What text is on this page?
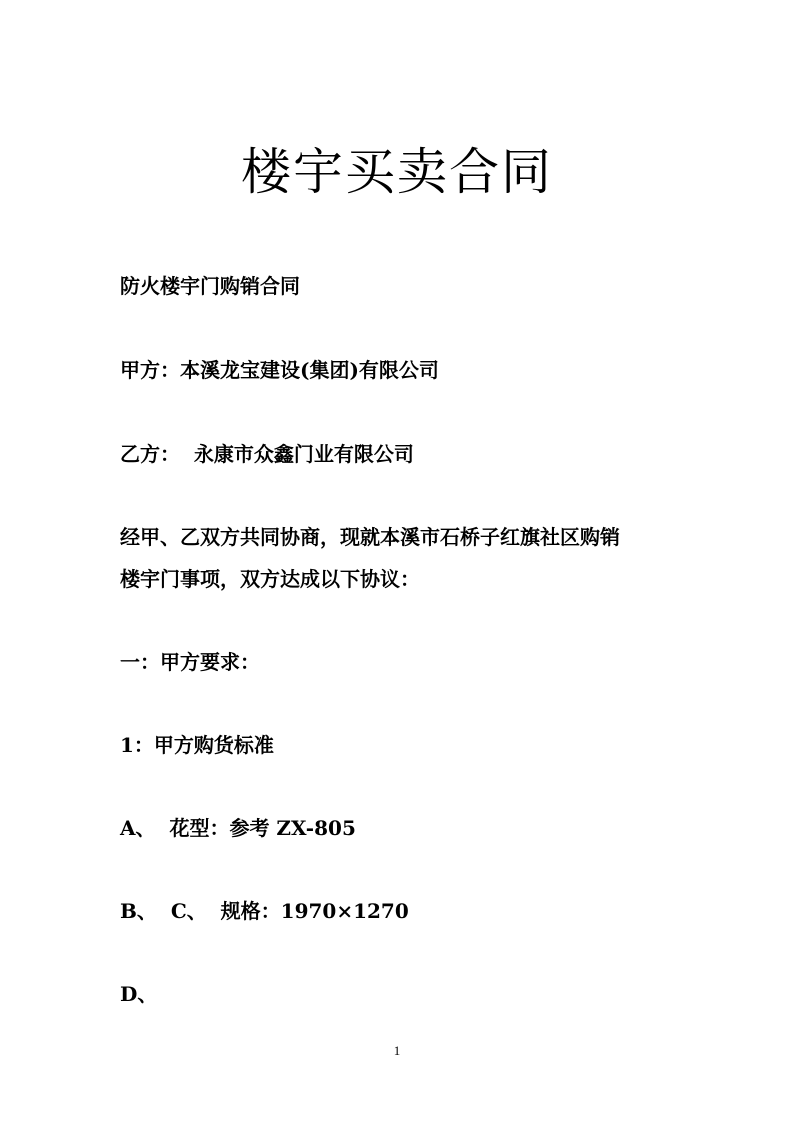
楼宇买卖合同

防火楼宇门购销合同

甲方：本溪龙宝建设(集团)有限公司

乙方：  永康市众鑫门业有限公司

经甲、乙双方共同协商，现就本溪市石桥子红旗社区购销

楼宇门事项，双方达成以下协议：

一：甲方要求：

1：甲方购货标准

A、  花型：参考 ZX-805

B、  C、  规格：1970×1270

D、

1
